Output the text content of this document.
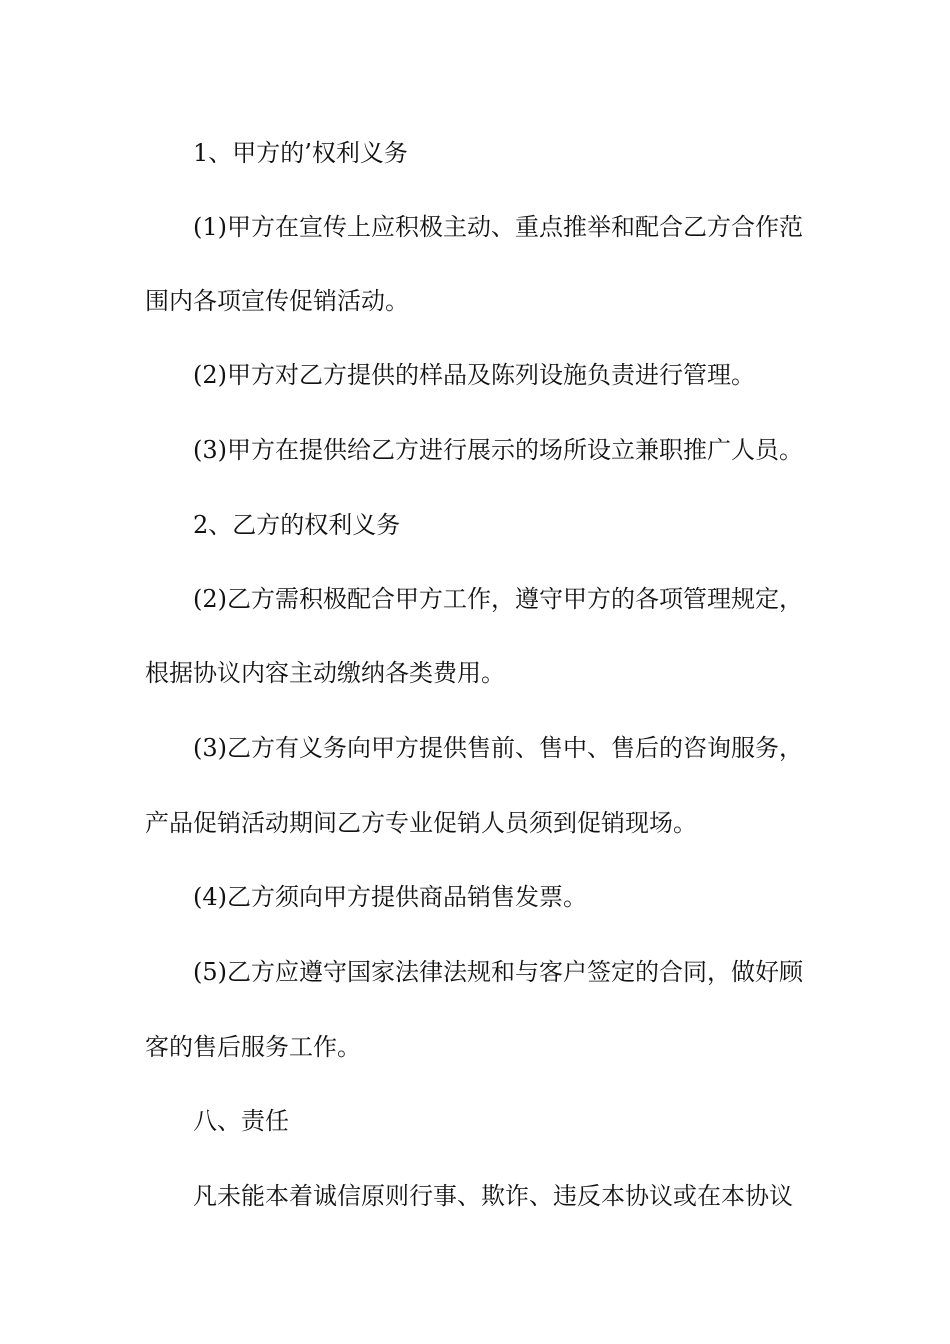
1、甲方的’权利义务
(1)甲方在宣传上应积极主动、重点推举和配合乙方合作范
围内各项宣传促销活动。
(2)甲方对乙方提供的样品及陈列设施负责进行管理。
(3)甲方在提供给乙方进行展示的场所设立兼职推广人员。
2、乙方的权利义务
(2)乙方需积极配合甲方工作，遵守甲方的各项管理规定，
根据协议内容主动缴纳各类费用。
(3)乙方有义务向甲方提供售前、售中、售后的咨询服务，
产品促销活动期间乙方专业促销人员须到促销现场。
(4)乙方须向甲方提供商品销售发票。
(5)乙方应遵守国家法律法规和与客户签定的合同，做好顾
客的售后服务工作。
八、责任
凡未能本着诚信原则行事、欺诈、违反本协议或在本协议
